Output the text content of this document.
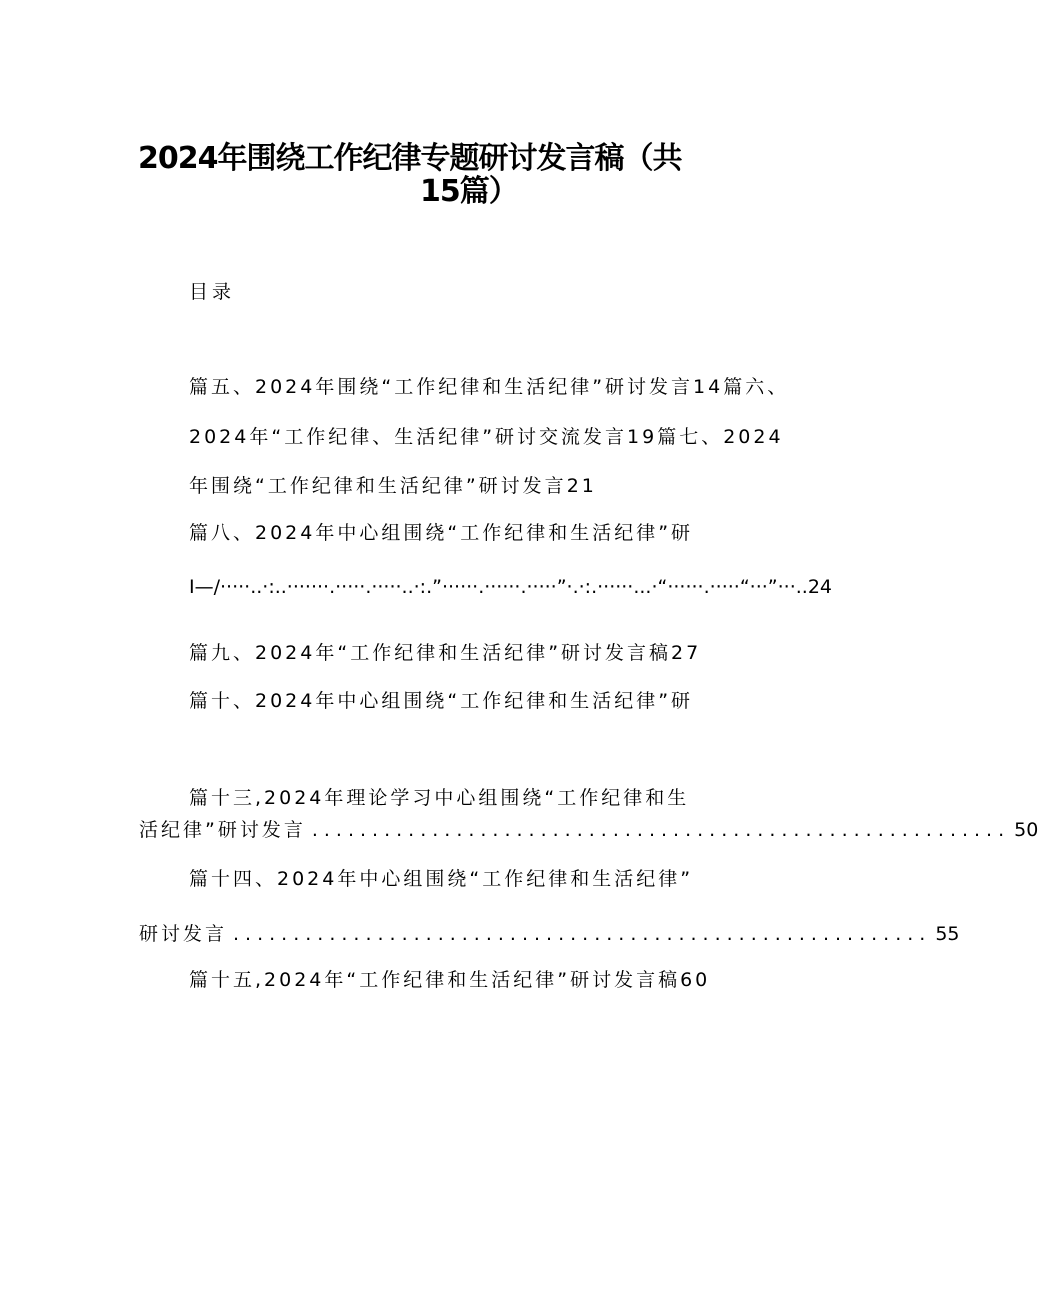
2024年围绕工作纪律专题研讨发言稿（共
15篇）
目录
篇五、2024年围绕“工作纪律和生活纪律”研讨发言14篇六、
2024年“工作纪律、生活纪律”研讨交流发言19篇七、2024
年围绕“工作纪律和生活纪律”研讨发言21
篇八、2024年中心组围绕“工作纪律和生活纪律”研
I—/·····..·:..·······.·····.·····..·:.”······.······.·····”·.·:.······...·“······.·····“···”···..24
篇九、2024年“工作纪律和生活纪律”研讨发言稿27
篇十、2024年中心组围绕“工作纪律和生活纪律”研
篇十三,2024年理论学习中心组围绕“工作纪律和生
活纪律”研讨发言 .......................................................... 50
篇十四、2024年中心组围绕“工作纪律和生活纪律”
研讨发言 .......................................................... 55
篇十五,2024年“工作纪律和生活纪律”研讨发言稿60
